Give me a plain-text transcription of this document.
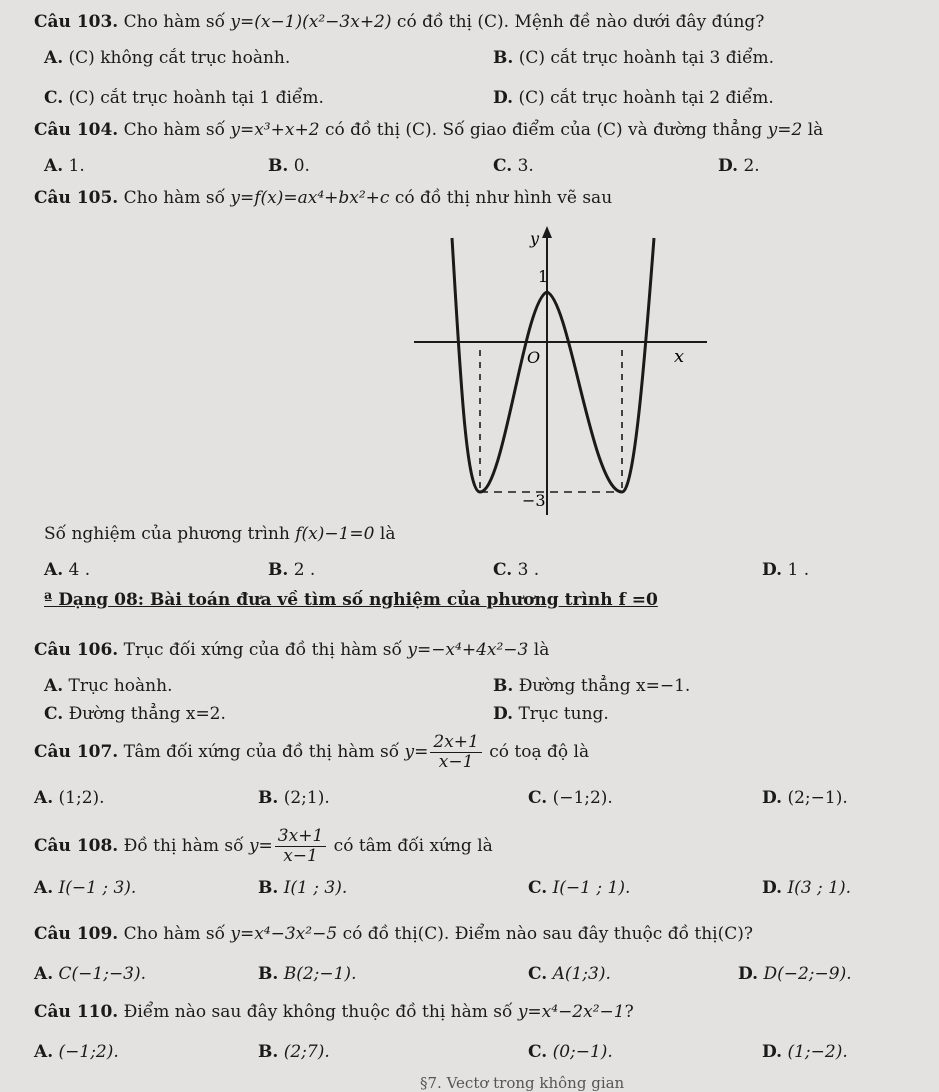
Câu 103. Cho hàm số y=(x−1)(x²−3x+2) có đồ thị (C). Mệnh đề nào dưới đây đúng?
A. (C) không cắt trục hoành.	B. (C) cắt trục hoành tại 3 điểm.
C. (C) cắt trục hoành tại 1 điểm.	D. (C) cắt trục hoành tại 2 điểm.
Câu 104. Cho hàm số y=x³+x+2 có đồ thị (C). Số giao điểm của (C) và đường thẳng y=2 là
A. 1.	B. 0.	C. 3.	D. 2.
Câu 105. Cho hàm số y=f(x)=ax⁴+bx²+c có đồ thị như hình vẽ sau
y
1
O	x
−3
Số nghiệm của phương trình f(x)−1=0 là
A. 4 .	B. 2 .	C. 3 .	D. 1 .
ª Dạng 08: Bài toán đưa về tìm số nghiệm của phương trình f =0
Câu 106. Trục đối xứng của đồ thị hàm số y=−x⁴+4x²−3 là
A. Trục hoành.	B. Đường thẳng x=−1.
C. Đường thẳng x=2.	D. Trục tung.
Câu 107. Tâm đối xứng của đồ thị hàm số $y= \frac{2x+1}{x-1}$ có toạ độ là
A. (1;2).	B. (2;1).	C. (−1;2).	D. (2;−1).
Câu 108. Đồ thị hàm số $y= \frac{3x+1}{x-1}$ có tâm đối xứng là
A. I(−1 ; 3).	B. I(1 ; 3).	C. I(−1 ; 1).	D. I(3 ; 1).
Câu 109. Cho hàm số y=x⁴−3x²−5 có đồ thị(C). Điểm nào sau đây thuộc đồ thị(C)?
A. C(−1;−3).	B. B(2;−1).	C. A(1;3).	D. D(−2;−9).
Câu 110. Điểm nào sau đây không thuộc đồ thị hàm số y=x⁴−2x²−1?
A. (−1;2).	B. (2;7).	C. (0;−1).	D. (1;−2).
§7. Vectơ trong không gian
